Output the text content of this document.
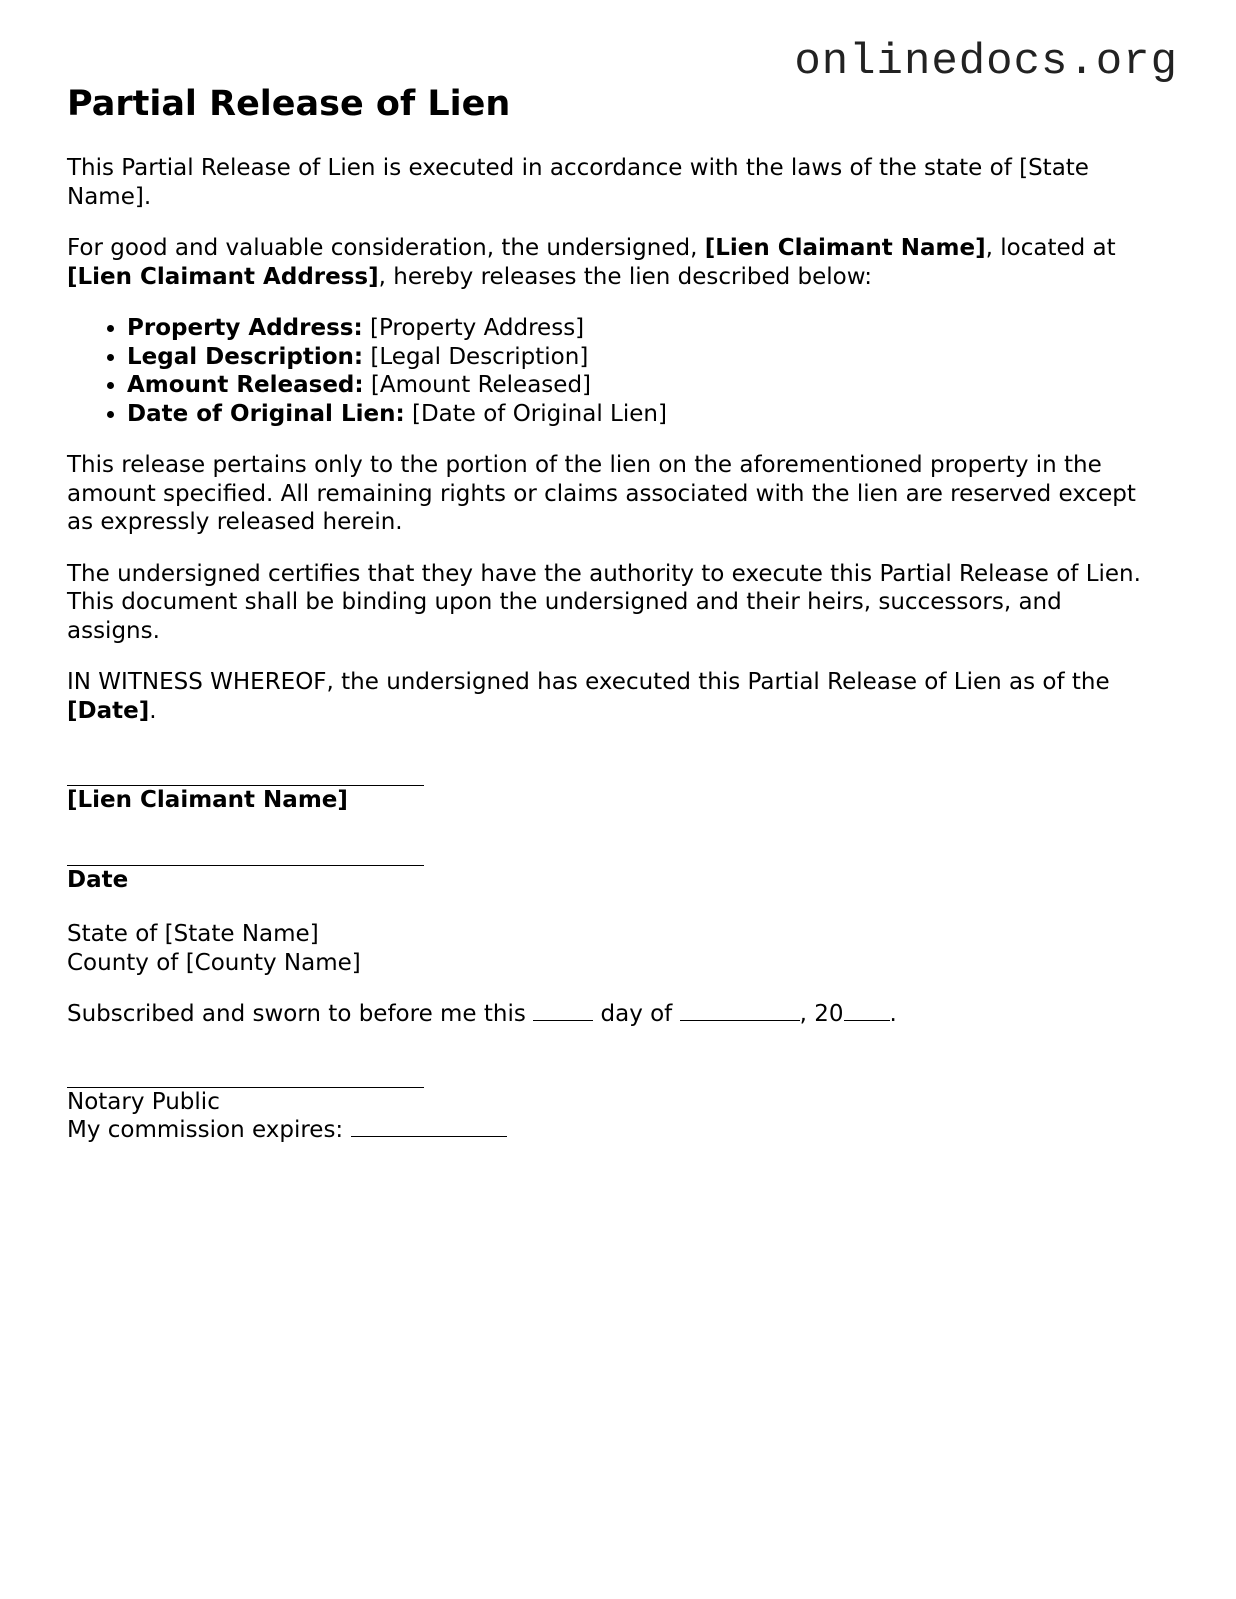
onlinedocs.org
Partial Release of Lien

This Partial Release of Lien is executed in accordance with the laws of the state of [State Name].

For good and valuable consideration, the undersigned, [Lien Claimant Name], located at [Lien Claimant Address], hereby releases the lien described below:

• Property Address: [Property Address]
• Legal Description: [Legal Description]
• Amount Released: [Amount Released]
• Date of Original Lien: [Date of Original Lien]

This release pertains only to the portion of the lien on the aforementioned property in the amount specified. All remaining rights or claims associated with the lien are reserved except as expressly released herein.

The undersigned certifies that they have the authority to execute this Partial Release of Lien. This document shall be binding upon the undersigned and their heirs, successors, and assigns.

IN WITNESS WHEREOF, the undersigned has executed this Partial Release of Lien as of the [Date].

[Lien Claimant Name]
Date

State of [State Name]
County of [County Name]

Subscribed and sworn to before me this	day of	, 20 .

Notary Public
My commission expires:
